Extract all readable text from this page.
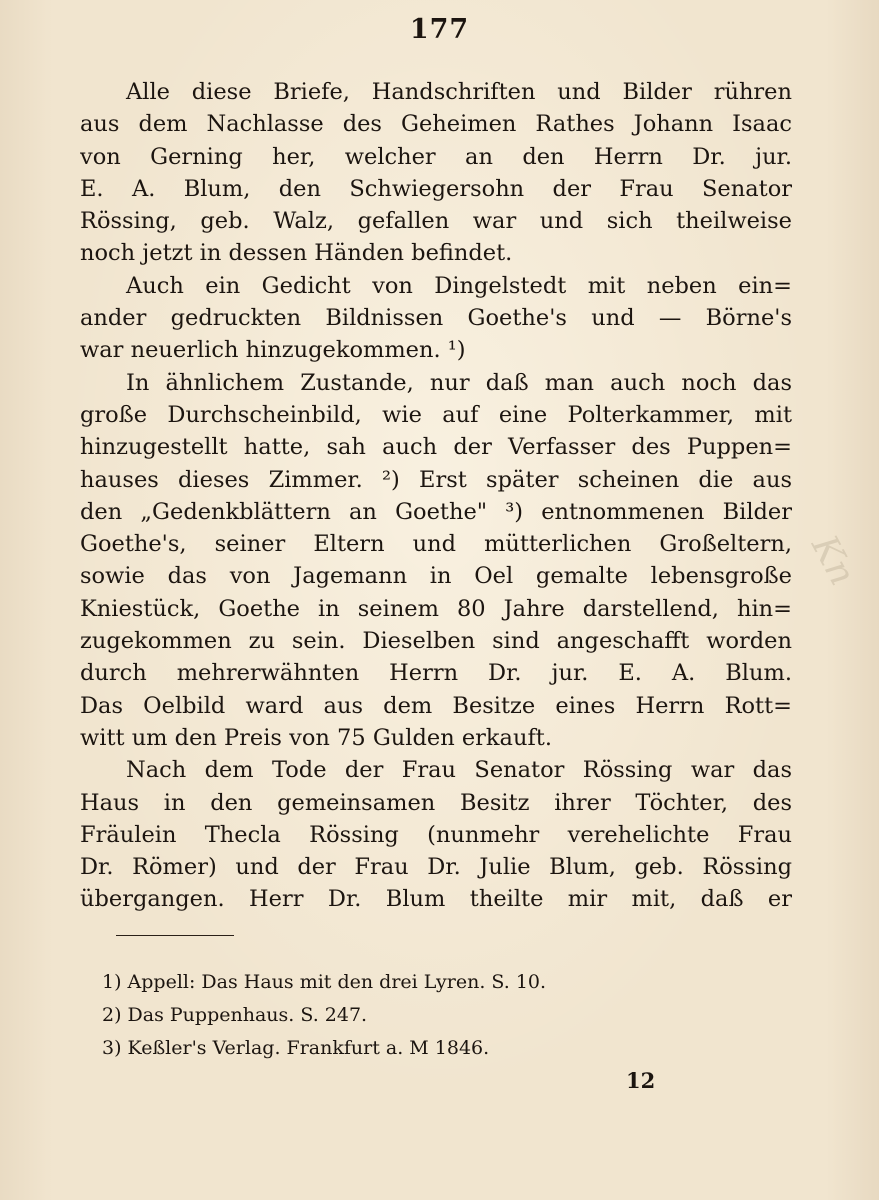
177
Alle diese Briefe, Handschriften und Bilder rühren
aus dem Nachlasse des Geheimen Rathes Johann Isaac
von Gerning her, welcher an den Herrn Dr. jur.
E. A. Blum, den Schwiegersohn der Frau Senator
Rössing, geb. Walz, gefallen war und sich theilweise
noch jetzt in dessen Händen befindet.
Auch ein Gedicht von Dingelstedt mit neben ein=
ander gedruckten Bildnissen Goethe's und — Börne's
war neuerlich hinzugekommen. ¹)
In ähnlichem Zustande, nur daß man auch noch das
große Durchscheinbild, wie auf eine Polterkammer, mit
hinzugestellt hatte, sah auch der Verfasser des Puppen=
hauses dieses Zimmer. ²) Erst später scheinen die aus
den „Gedenkblättern an Goethe" ³) entnommenen Bilder
Goethe's, seiner Eltern und mütterlichen Großeltern,
sowie das von Jagemann in Oel gemalte lebensgroße
Kniestück, Goethe in seinem 80 Jahre darstellend, hin=
zugekommen zu sein. Dieselben sind angeschafft worden
durch mehrerwähnten Herrn Dr. jur. E. A. Blum.
Das Oelbild ward aus dem Besitze eines Herrn Rott=
witt um den Preis von 75 Gulden erkauft.
Nach dem Tode der Frau Senator Rössing war das
Haus in den gemeinsamen Besitz ihrer Töchter, des
Fräulein Thecla Rössing (nunmehr verehelichte Frau
Dr. Römer) und der Frau Dr. Julie Blum, geb. Rössing
übergangen. Herr Dr. Blum theilte mir mit, daß er
1) Appell: Das Haus mit den drei Lyren. S. 10.
2) Das Puppenhaus. S. 247.
3) Keßler's Verlag. Frankfurt a. M 1846.
12
Kn
